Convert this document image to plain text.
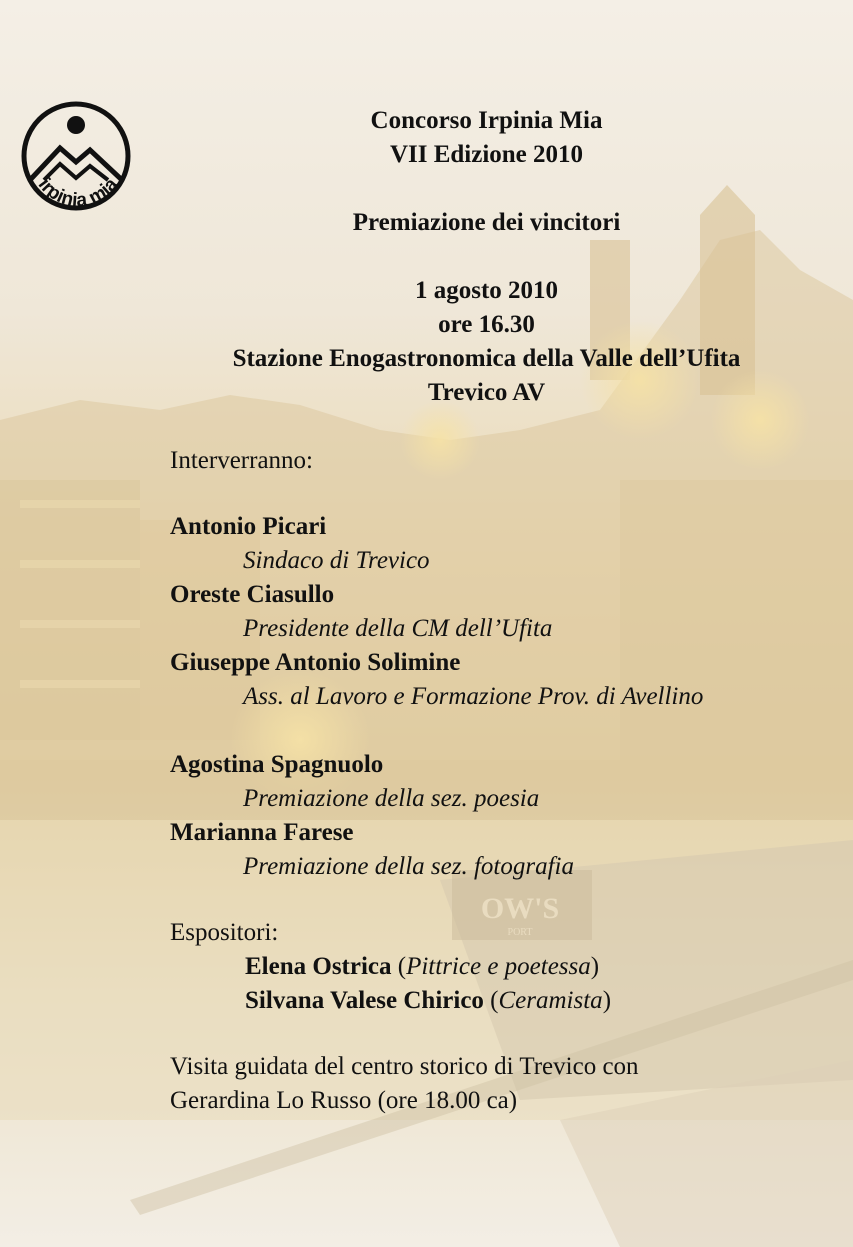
OW'S
PORT
irpinia mia
Concorso Irpinia Mia
VII Edizione 2010
Premiazione dei vincitori
1 agosto 2010
ore 16.30
Stazione Enogastronomica della Valle dell’Ufita
Trevico AV
Interverranno:
Antonio Picari
Sindaco di Trevico
Oreste Ciasullo
Presidente della CM dell’Ufita
Giuseppe Antonio Solimine
Ass. al Lavoro e Formazione Prov. di Avellino
Agostina Spagnuolo
Premiazione della sez. poesia
Marianna Farese
Premiazione della sez. fotografia
Espositori:
Elena Ostrica (Pittrice e poetessa)
Silvana Valese Chirico (Ceramista)
Visita guidata del centro storico di Trevico con
Gerardina Lo Russo (ore 18.00 ca)
